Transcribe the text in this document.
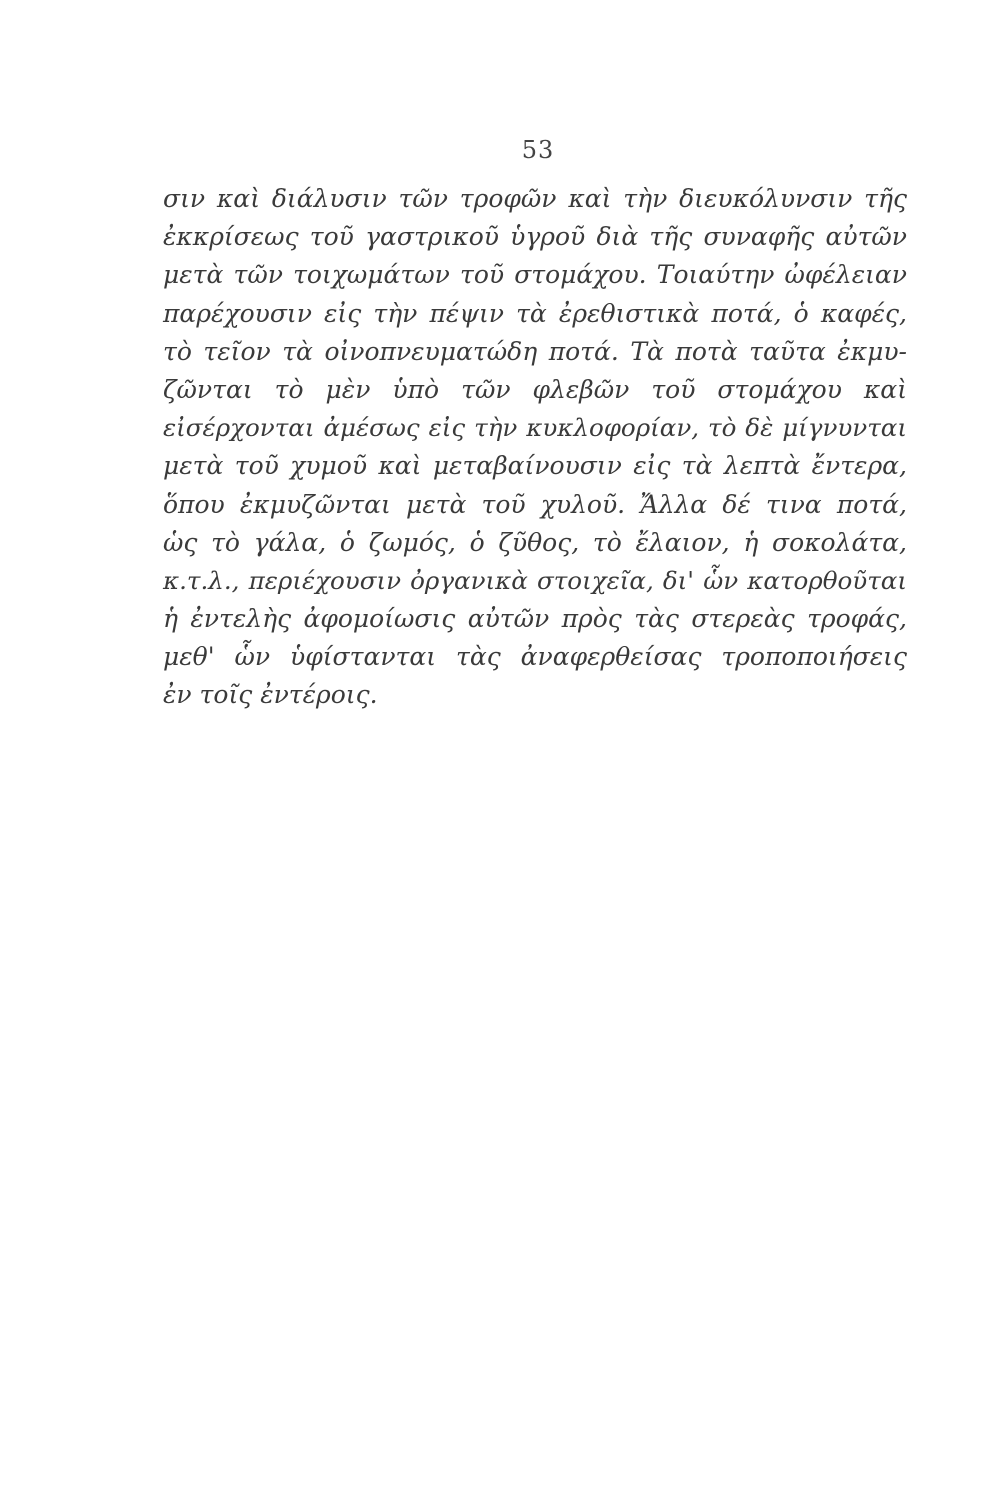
53
σιν καὶ διάλυσιν τῶν τροφῶν καὶ τὴν διευκόλυνσιν τῆς
ἐκκρίσεως τοῦ γαστρικοῦ ὑγροῦ διὰ τῆς συναφῆς αὐτῶν
μετὰ τῶν τοιχωμάτων τοῦ στομάχου. Τοιαύτην ὠφέλειαν
παρέχουσιν εἰς τὴν πέψιν τὰ ἐρεθιστικὰ ποτά, ὁ καφές,
τὸ τεῖον τὰ οἰνοπνευματώδη ποτά. Τὰ ποτὰ ταῦτα ἐκμυ-
ζῶνται τὸ μὲν ὑπὸ τῶν φλεβῶν τοῦ στομάχου καὶ
εἰσέρχονται ἀμέσως εἰς τὴν κυκλοφορίαν, τὸ δὲ μίγνυνται
μετὰ τοῦ χυμοῦ καὶ μεταβαίνουσιν εἰς τὰ λεπτὰ ἔντερα,
ὅπου ἐκμυζῶνται μετὰ τοῦ χυλοῦ. Ἄλλα δέ τινα ποτά,
ὡς τὸ γάλα, ὁ ζωμός, ὁ ζῦθος, τὸ ἔλαιον, ἡ σοκολάτα,
κ.τ.λ., περιέχουσιν ὀργανικὰ στοιχεῖα, δι' ὧν κατορθοῦται
ἡ ἐντελὴς ἀφομοίωσις αὐτῶν πρὸς τὰς στερεὰς τροφάς,
μεθ' ὧν ὑφίστανται τὰς ἀναφερθείσας τροποποιήσεις
ἐν τοῖς ἐντέροις.
